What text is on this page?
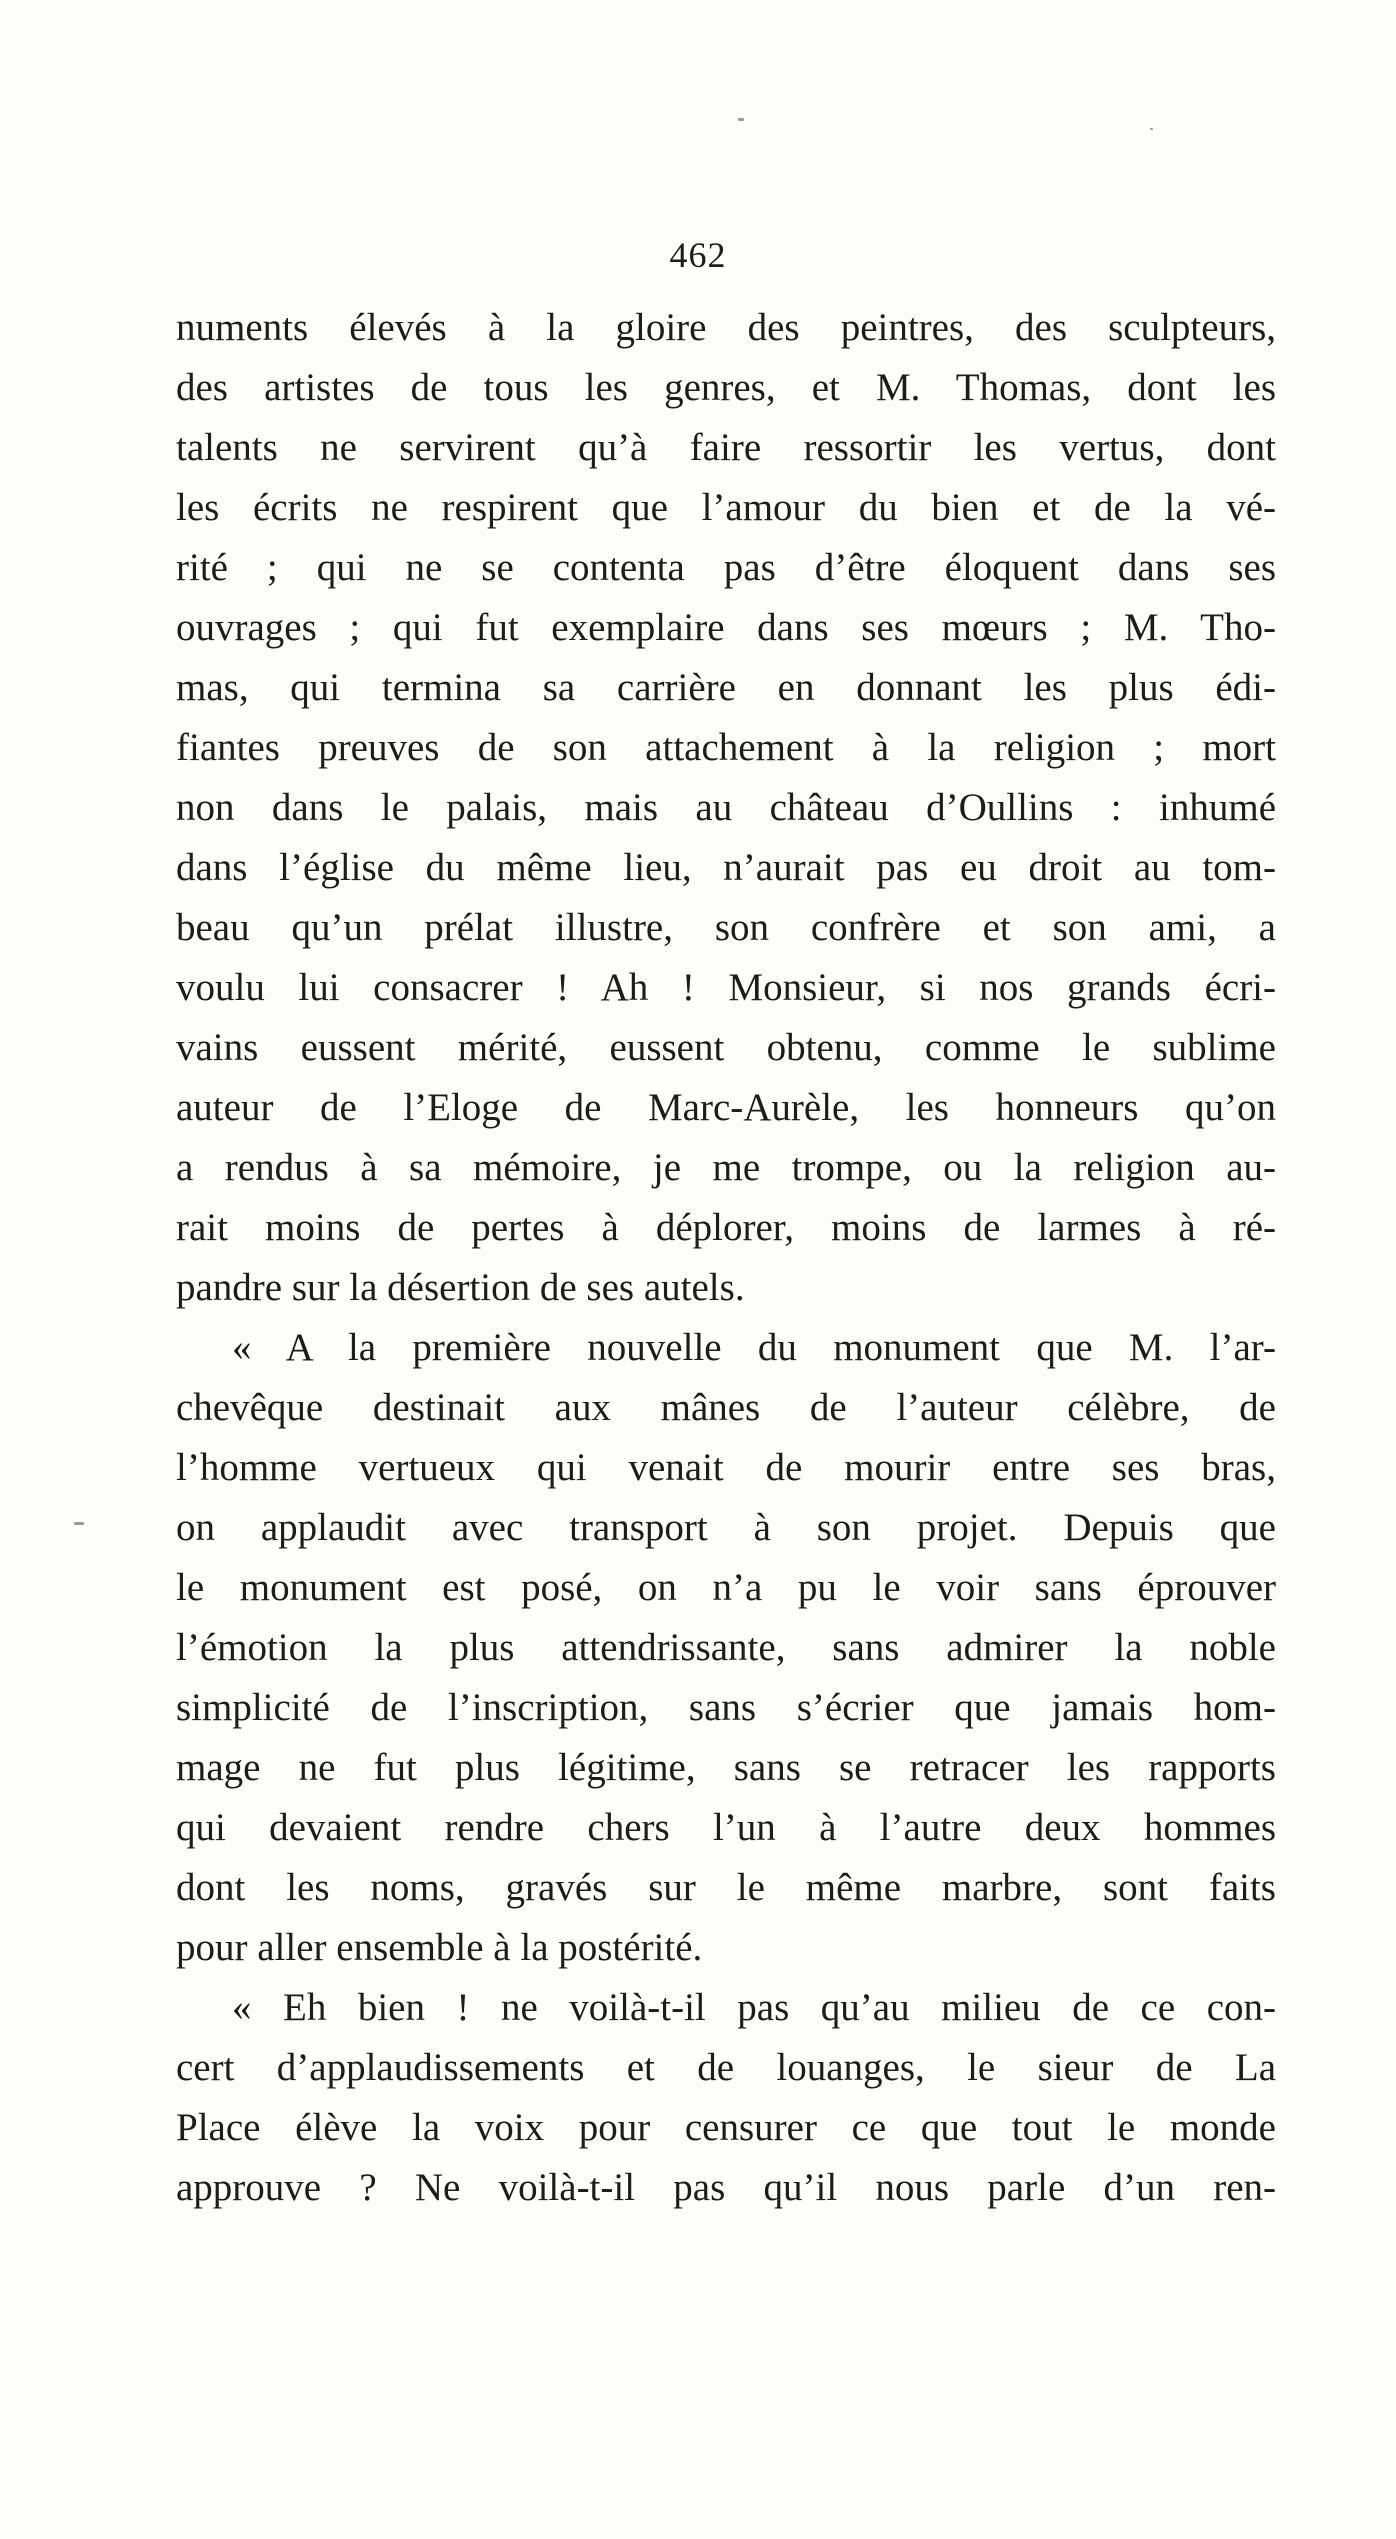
462
numents élevés à la gloire des peintres, des sculpteurs,
des artistes de tous les genres, et M. Thomas, dont les
talents ne servirent qu’à faire ressortir les vertus, dont
les écrits ne respirent que l’amour du bien et de la vé-
rité ; qui ne se contenta pas d’être éloquent dans ses
ouvrages ; qui fut exemplaire dans ses mœurs ; M. Tho-
mas, qui termina sa carrière en donnant les plus édi-
fiantes preuves de son attachement à la religion ; mort
non dans le palais, mais au château d’Oullins : inhumé
dans l’église du même lieu, n’aurait pas eu droit au tom-
beau qu’un prélat illustre, son confrère et son ami, a
voulu lui consacrer ! Ah ! Monsieur, si nos grands écri-
vains eussent mérité, eussent obtenu, comme le sublime
auteur de l’Eloge de Marc-Aurèle, les honneurs qu’on
a rendus à sa mémoire, je me trompe, ou la religion au-
rait moins de pertes à déplorer, moins de larmes à ré-
pandre sur la désertion de ses autels.
« A la première nouvelle du monument que M. l’ar-
chevêque destinait aux mânes de l’auteur célèbre, de
l’homme vertueux qui venait de mourir entre ses bras,
on applaudit avec transport à son projet. Depuis que
le monument est posé, on n’a pu le voir sans éprouver
l’émotion la plus attendrissante, sans admirer la noble
simplicité de l’inscription, sans s’écrier que jamais hom-
mage ne fut plus légitime, sans se retracer les rapports
qui devaient rendre chers l’un à l’autre deux hommes
dont les noms, gravés sur le même marbre, sont faits
pour aller ensemble à la postérité.
« Eh bien ! ne voilà-t-il pas qu’au milieu de ce con-
cert d’applaudissements et de louanges, le sieur de La
Place élève la voix pour censurer ce que tout le monde
approuve ? Ne voilà-t-il pas qu’il nous parle d’un ren-
